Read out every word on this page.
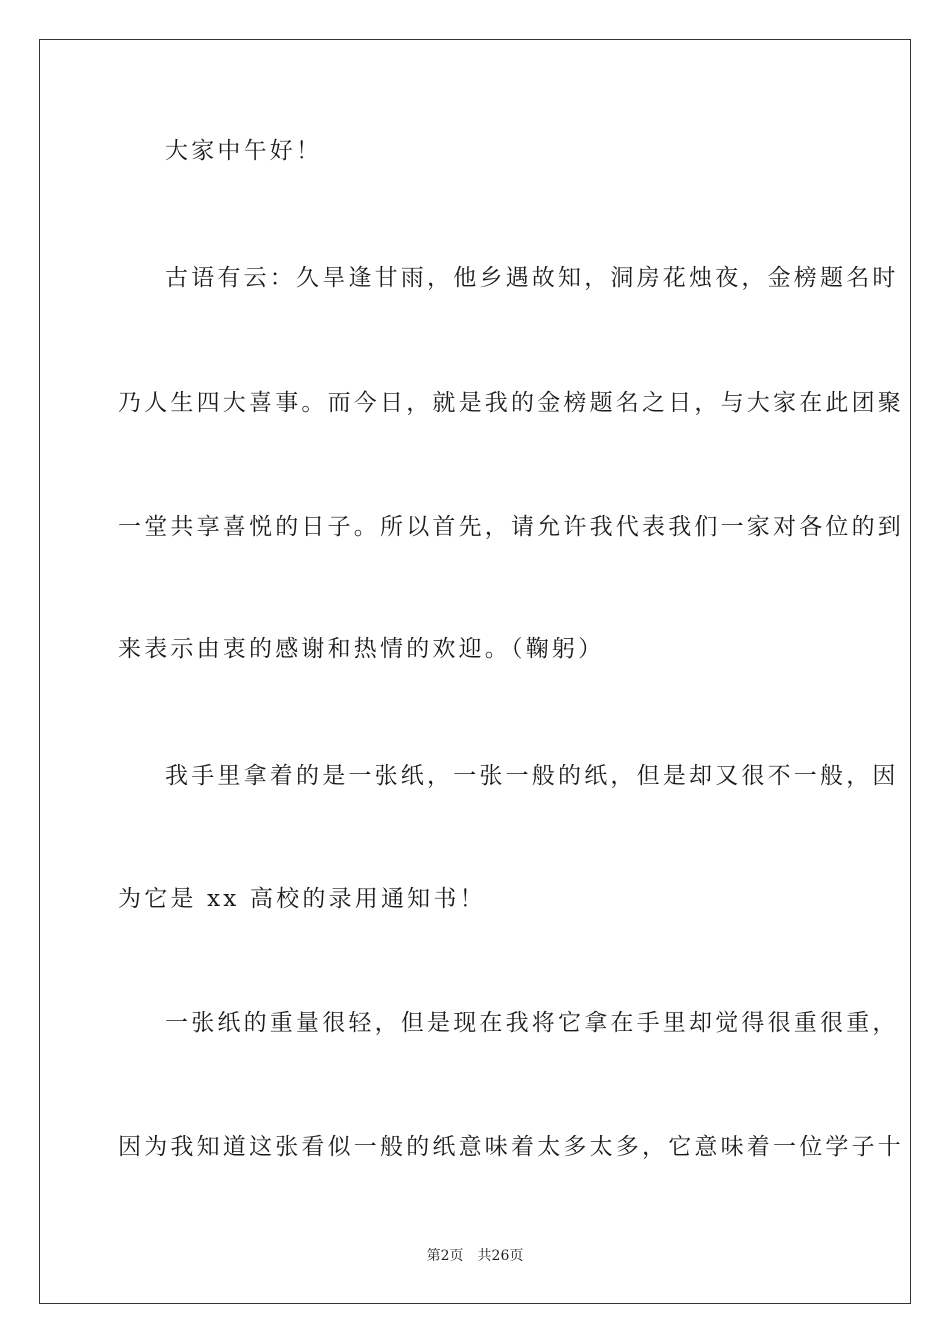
大家中午好！
古语有云：久旱逢甘雨，他乡遇故知，洞房花烛夜，金榜题名时
乃人生四大喜事。而今日，就是我的金榜题名之日，与大家在此团聚
一堂共享喜悦的日子。所以首先，请允许我代表我们一家对各位的到
来表示由衷的感谢和热情的欢迎。（鞠躬）
我手里拿着的是一张纸，一张一般的纸，但是却又很不一般，因
为它是 xx 高校的录用通知书！
一张纸的重量很轻，但是现在我将它拿在手里却觉得很重很重，
因为我知道这张看似一般的纸意味着太多太多，它意味着一位学子十
第2页 共26页
